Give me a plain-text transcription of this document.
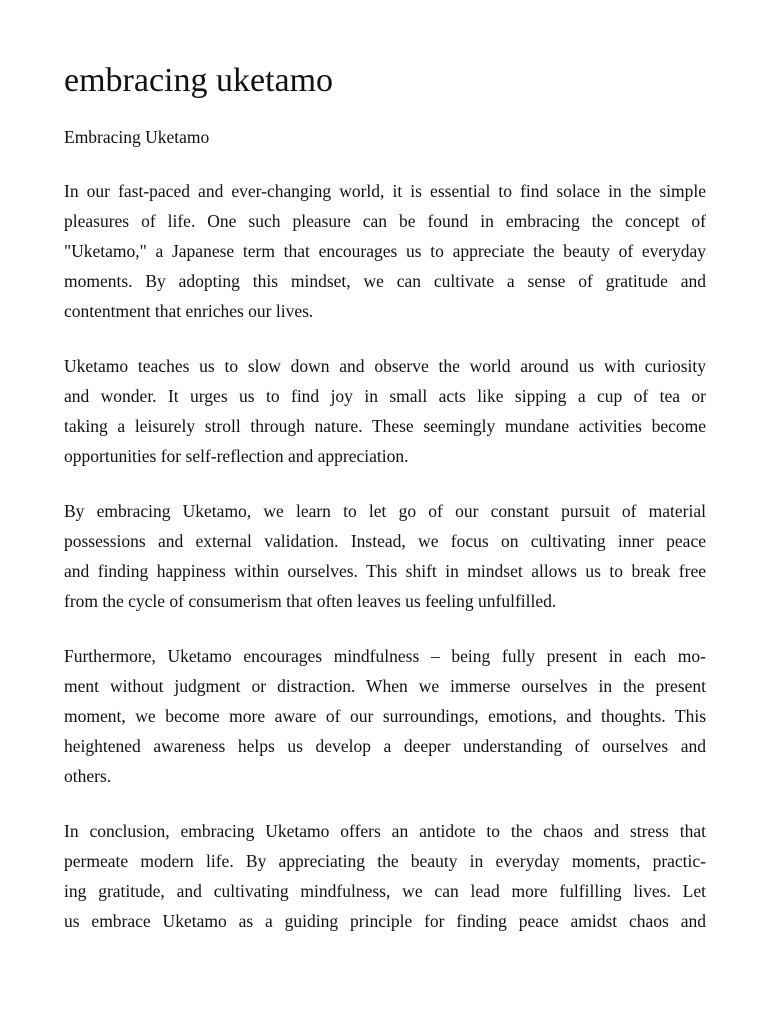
embracing uketamo

Embracing Uketamo

In our fast-paced and ever-changing world, it is essential to find solace in the simple
pleasures of life. One such pleasure can be found in embracing the concept of
"Uketamo," a Japanese term that encourages us to appreciate the beauty of everyday
moments. By adopting this mindset, we can cultivate a sense of gratitude and
contentment that enriches our lives.

Uketamo teaches us to slow down and observe the world around us with curiosity
and wonder. It urges us to find joy in small acts like sipping a cup of tea or
taking a leisurely stroll through nature. These seemingly mundane activities become
opportunities for self-reflection and appreciation.

By embracing Uketamo, we learn to let go of our constant pursuit of material
possessions and external validation. Instead, we focus on cultivating inner peace
and finding happiness within ourselves. This shift in mindset allows us to break free
from the cycle of consumerism that often leaves us feeling unfulfilled.

Furthermore, Uketamo encourages mindfulness – being fully present in each mo-
ment without judgment or distraction. When we immerse ourselves in the present
moment, we become more aware of our surroundings, emotions, and thoughts. This
heightened awareness helps us develop a deeper understanding of ourselves and
others.

In conclusion, embracing Uketamo offers an antidote to the chaos and stress that
permeate modern life. By appreciating the beauty in everyday moments, practic-
ing gratitude, and cultivating mindfulness, we can lead more fulfilling lives. Let
us embrace Uketamo as a guiding principle for finding peace amidst chaos and
